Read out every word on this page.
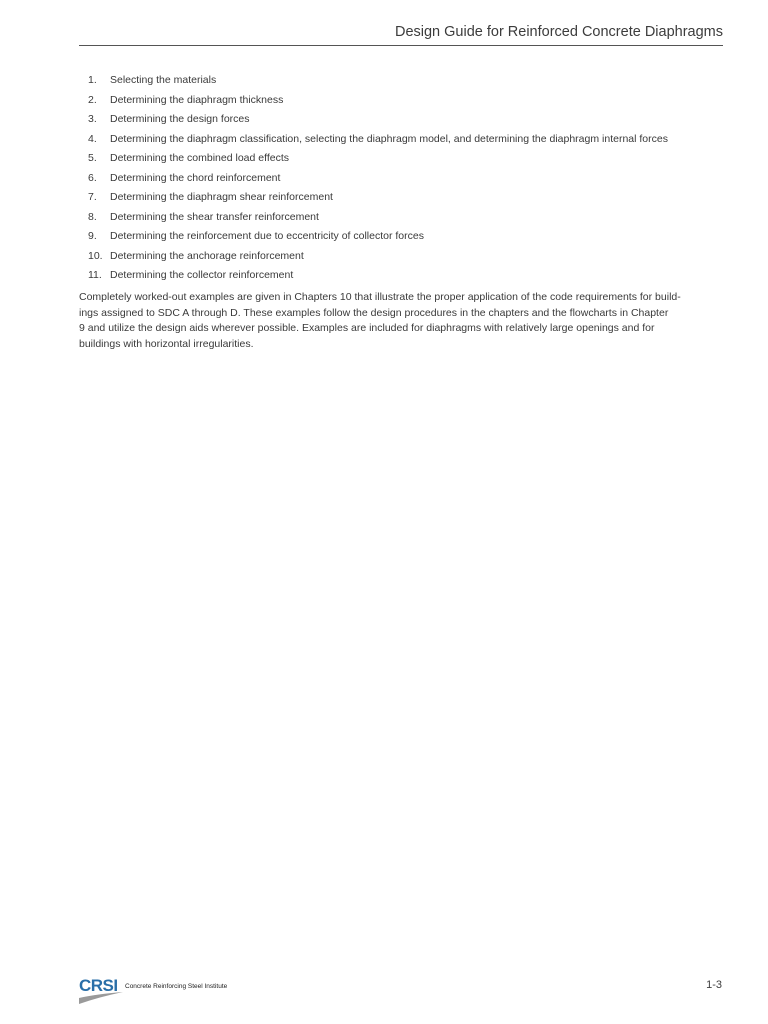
Design Guide for Reinforced Concrete Diaphragms
1.	Selecting the materials
2.	Determining the diaphragm thickness
3.	Determining the design forces
4.	Determining the diaphragm classification, selecting the diaphragm model, and determining the diaphragm internal forces
5.	Determining the combined load effects
6.	Determining the chord reinforcement
7.	Determining the diaphragm shear reinforcement
8.	Determining the shear transfer reinforcement
9.	Determining the reinforcement due to eccentricity of collector forces
10. Determining the anchorage reinforcement
11. Determining the collector reinforcement

Completely worked-out examples are given in Chapters 10 that illustrate the proper application of the code requirements for build-
ings assigned to SDC A through D. These examples follow the design procedures in the chapters and the flowcharts in Chapter
9 and utilize the design aids wherever possible. Examples are included for diaphragms with relatively large openings and for
buildings with horizontal irregularities.

CRSI Concrete Reinforcing Steel Institute	1-3
